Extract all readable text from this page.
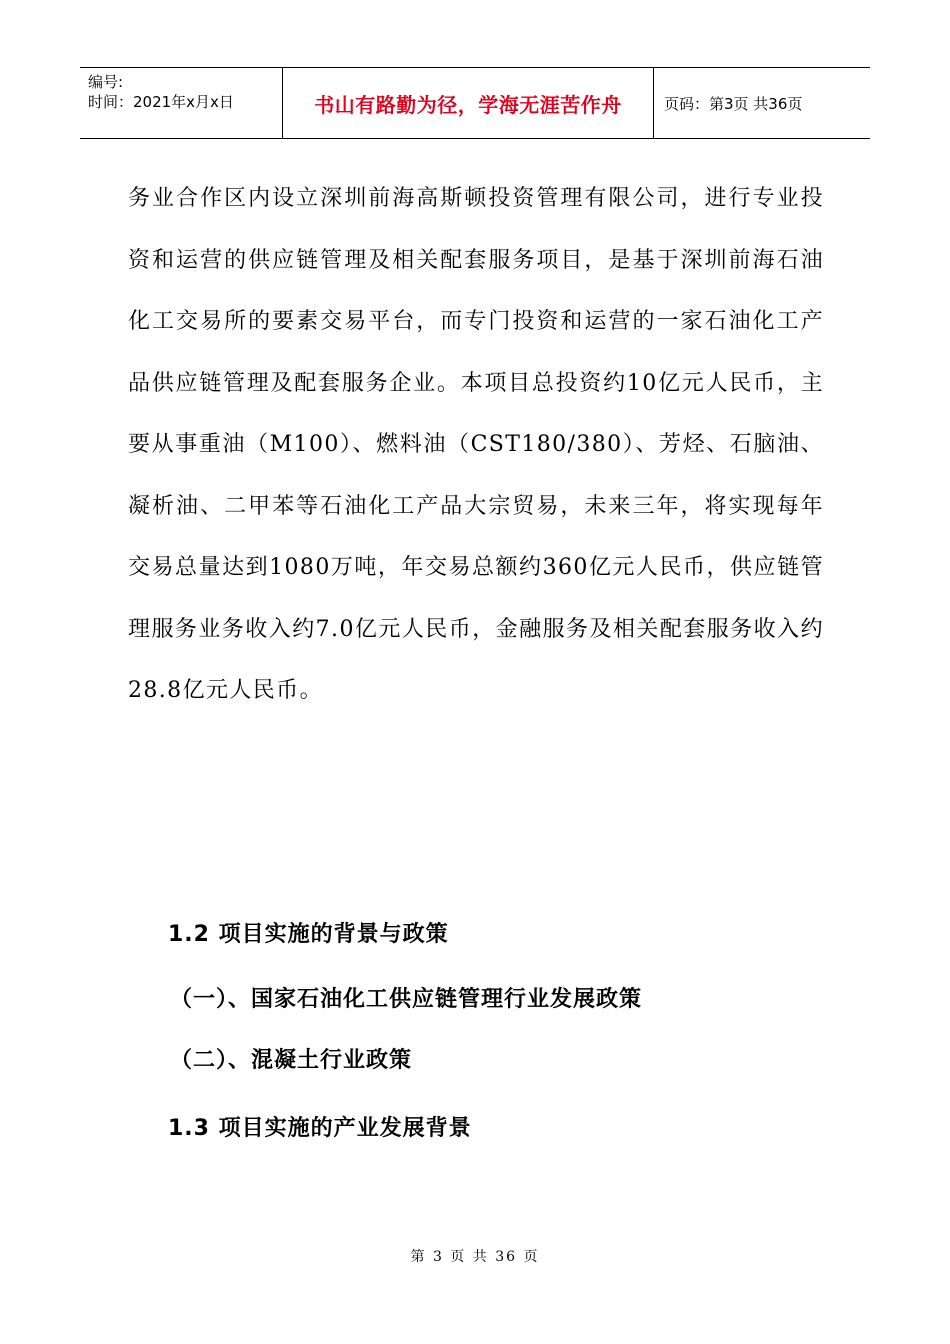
编号:
时间：2021年x月x日	书山有路勤为径，学海无涯苦作舟	页码：第3页 共36页
务业合作区内设立深圳前海高斯顿投资管理有限公司，进行专业投资和运营的供应链管理及相关配套服务项目，是基于深圳前海石油化工交易所的要素交易平台，而专门投资和运营的一家石油化工产品供应链管理及配套服务企业。本项目总投资约10亿元人民币，主要从事重油（M100）、燃料油（CST180/380）、芳烃、石脑油、凝析油、二甲苯等石油化工产品大宗贸易，未来三年，将实现每年交易总量达到1080万吨，年交易总额约360亿元人民币，供应链管理服务业务收入约7.0亿元人民币，金融服务及相关配套服务收入约28.8亿元人民币。
1.2 项目实施的背景与政策
（一）、国家石油化工供应链管理行业发展政策
（二）、混凝土行业政策
1.3 项目实施的产业发展背景
第 3 页 共 36 页
